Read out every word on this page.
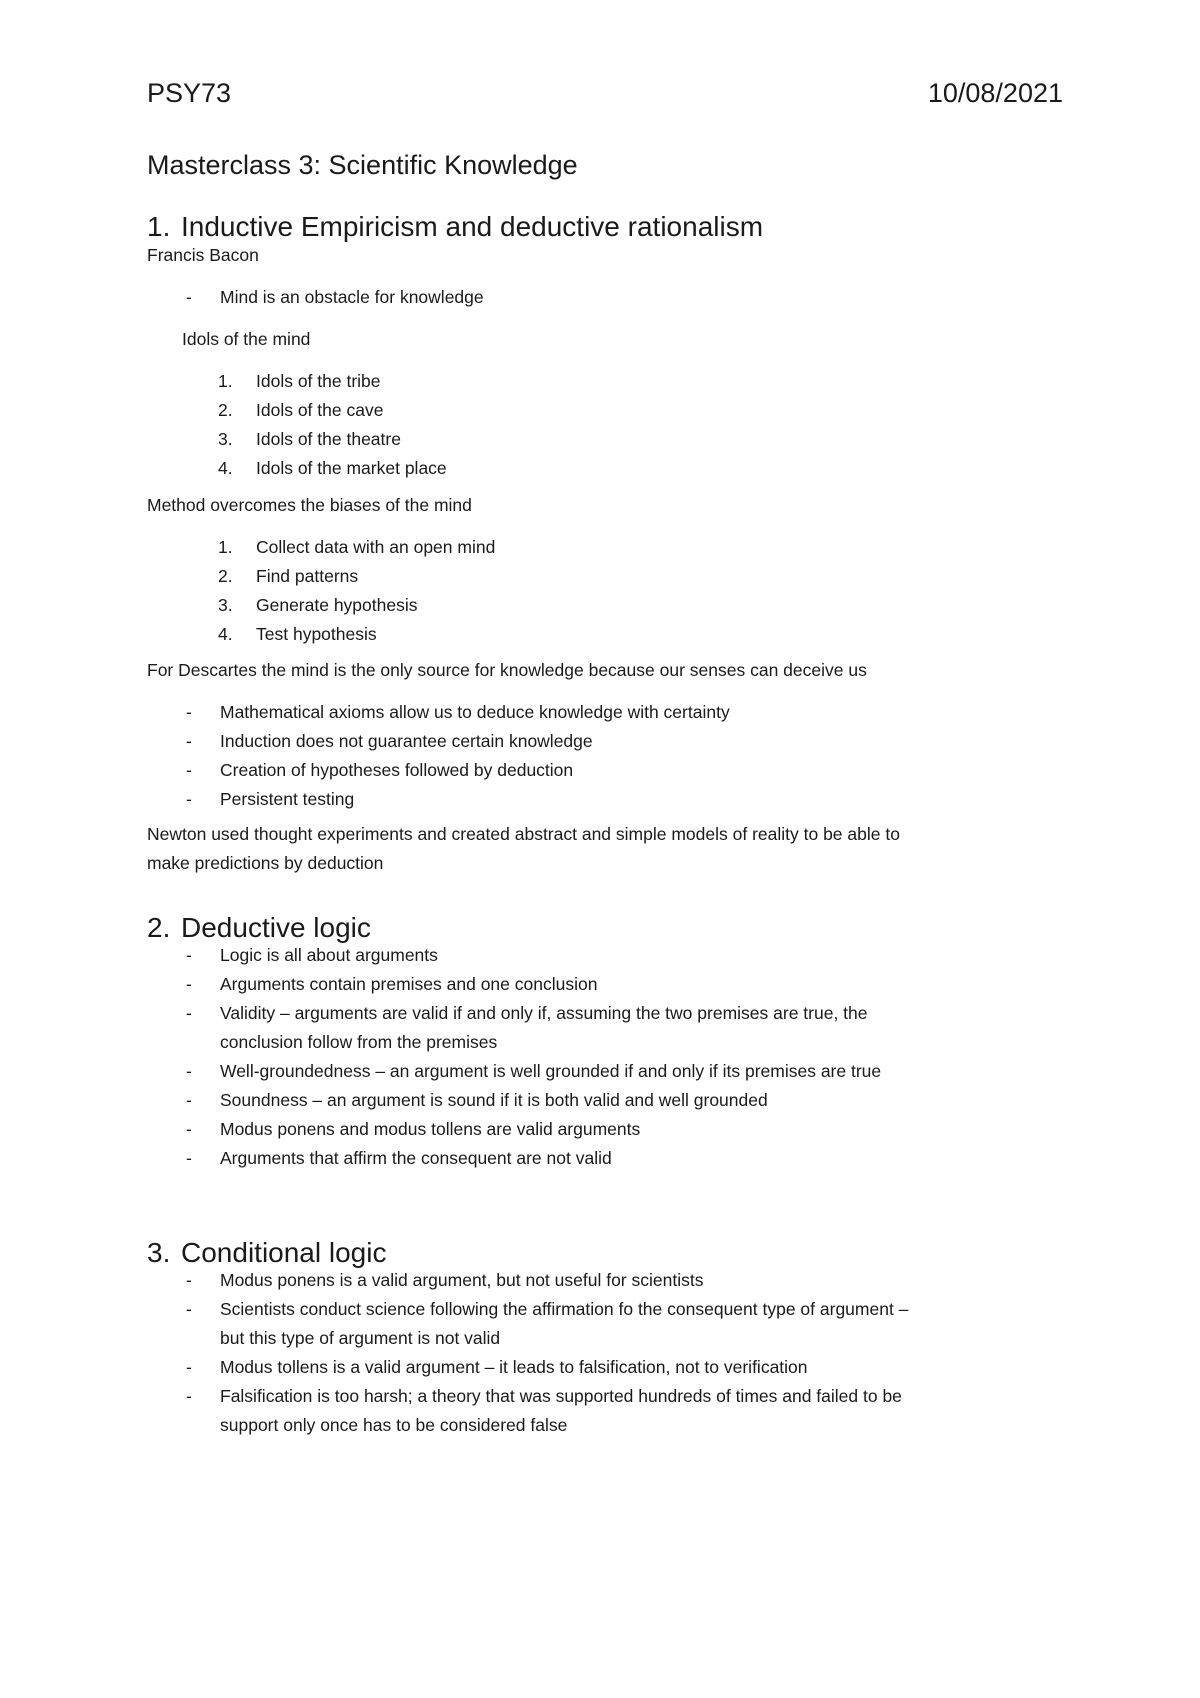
PSY73	10/08/2021
Masterclass 3: Scientific Knowledge
1. Inductive Empiricism and deductive rationalism

Francis Bacon

- Mind is an obstacle for knowledge

Idols of the mind

1. Idols of the tribe
2. Idols of the cave
3. Idols of the theatre
4. Idols of the market place

Method overcomes the biases of the mind

1. Collect data with an open mind
2. Find patterns
3. Generate hypothesis
4. Test hypothesis

For Descartes the mind is the only source for knowledge because our senses can deceive us

- Mathematical axioms allow us to deduce knowledge with certainty
- Induction does not guarantee certain knowledge
- Creation of hypotheses followed by deduction
- Persistent testing

Newton used thought experiments and created abstract and simple models of reality to be able to

make predictions by deduction

2. Deductive logic
- Logic is all about arguments
- Arguments contain premises and one conclusion
- Validity – arguments are valid if and only if, assuming the two premises are true, the
conclusion follow from the premises
- Well-groundedness – an argument is well grounded if and only if its premises are true
- Soundness – an argument is sound if it is both valid and well grounded
- Modus ponens and modus tollens are valid arguments
- Arguments that affirm the consequent are not valid
3. Conditional logic
- Modus ponens is a valid argument, but not useful for scientists
- Scientists conduct science following the affirmation fo the consequent type of argument –
but this type of argument is not valid
- Modus tollens is a valid argument – it leads to falsification, not to verification
- Falsification is too harsh; a theory that was supported hundreds of times and failed to be
support only once has to be considered false
